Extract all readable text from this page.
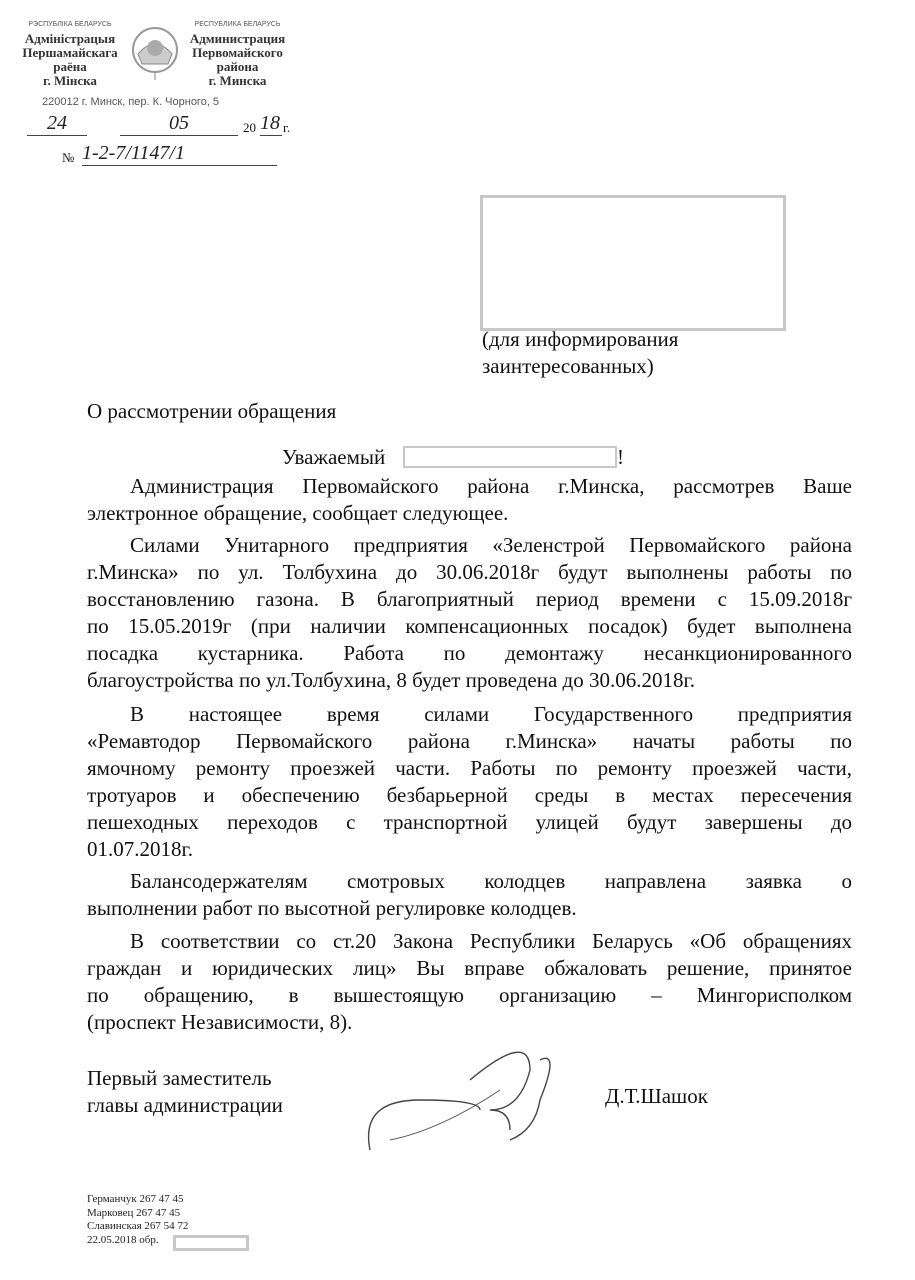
РЭСПУБЛІКА БЕЛАРУСЬ
Адміністрацыя
Першамайскага
раёна
г. Мінска
РЕСПУБЛИКА БЕЛАРУСЬ
Администрация
Первомайского
района
г. Минска
220012 г. Минск, пер. К. Чорного, 5
24	05	20 18 г.
№ 1-2-7/1147/1
(для информирования
заинтересованных)
О рассмотрении обращения
Уважаемый	!
Администрация Первомайского района г.Минска, рассмотрев Ваше
электронное обращение, сообщает следующее.
Силами Унитарного предприятия «Зеленстрой Первомайского района
г.Минска» по ул. Толбухина до 30.06.2018г будут выполнены работы по
восстановлению газона. В благоприятный период времени с 15.09.2018г
по 15.05.2019г (при наличии компенсационных посадок) будет выполнена
посадка кустарника. Работа по демонтажу несанкционированного
благоустройства по ул.Толбухина, 8 будет проведена до 30.06.2018г.
В настоящее время силами Государственного предприятия
«Ремавтодор Первомайского района г.Минска» начаты работы по
ямочному ремонту проезжей части. Работы по ремонту проезжей части,
тротуаров и обеспечению безбарьерной среды в местах пересечения
пешеходных переходов с транспортной улицей будут завершены до
01.07.2018г.
Балансодержателям смотровых колодцев направлена заявка о
выполнении работ по высотной регулировке колодцев.
В соответствии со ст.20 Закона Республики Беларусь «Об обращениях
граждан и юридических лиц» Вы вправе обжаловать решение, принятое
по обращению, в вышестоящую организацию – Мингорисполком
(проспект Независимости, 8).
Первый заместитель
главы администрации	Д.Т.Шашок
Германчук 267 47 45
Марковец 267 47 45
Славинская 267 54 72
22.05.2018 обр.
